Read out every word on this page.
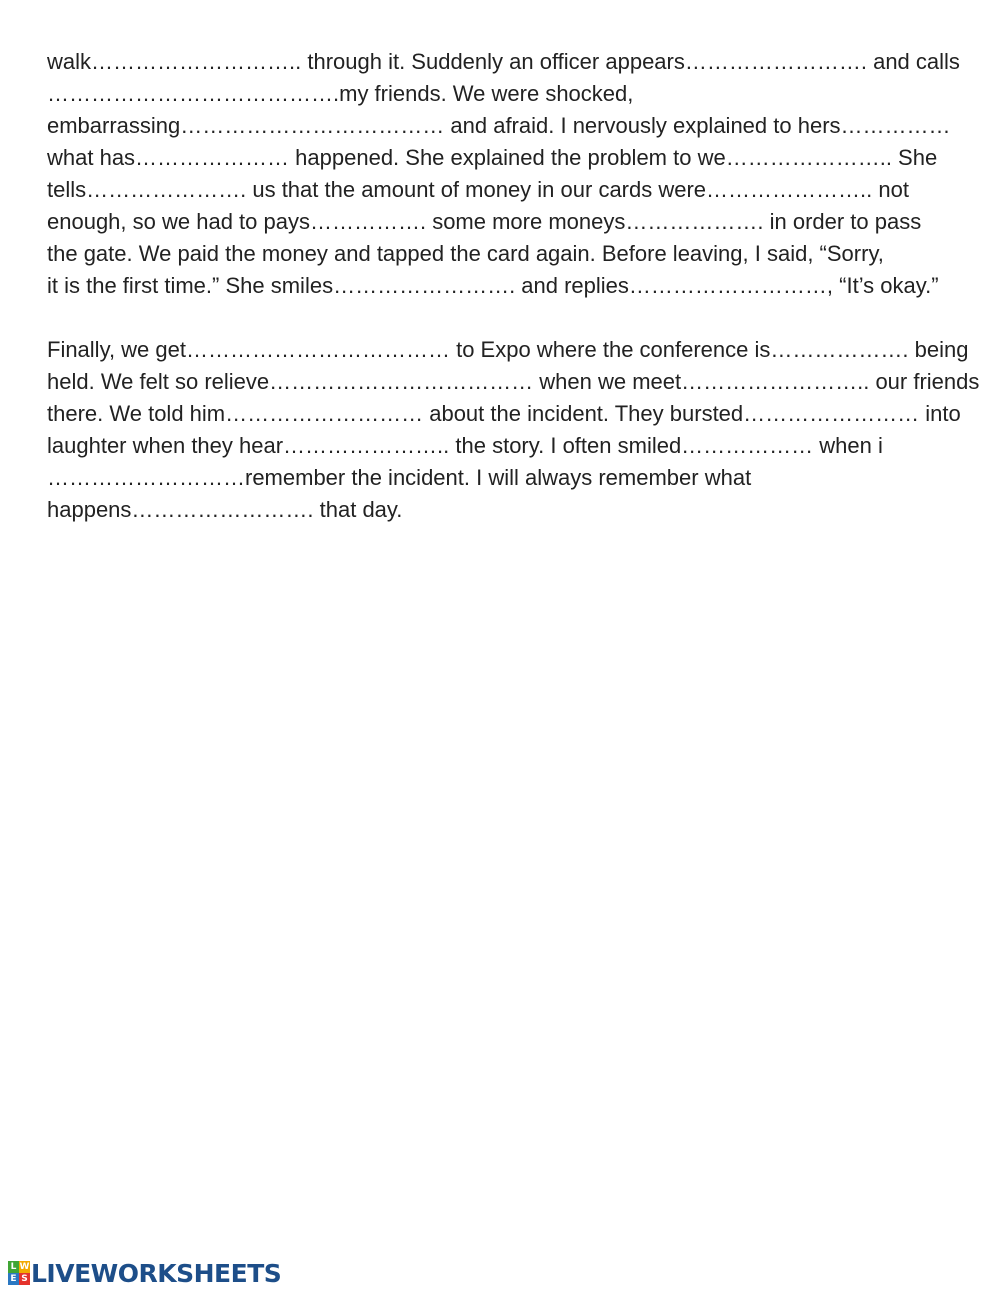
walk……………………….. through it. Suddenly an officer appears……………………. and calls
………………………………….my friends. We were shocked,
embarrassing……………………………… and afraid. I nervously explained to hers……………
what has………………… happened. She explained the problem to we………………….. She
tells…………………. us that the amount of money in our cards were………………….. not
enough, so we had to pays……………. some more moneys………………. in order to pass
the gate. We paid the money and tapped the card again. Before leaving, I said, “Sorry,
it is the first time.” She smiles……………………. and replies………………………, “It’s okay.”

Finally, we get……………………………… to Expo where the conference is………………. being
held. We felt so relieve……………………………… when we meet…………………….. our friends
there. We told him……………………… about the incident. They bursted…………………… into
laughter when they hear………………….. the story. I often smiled……………… when i
………………………remember the incident. I will always remember what
happens……………………. that day.

L W
E S LIVEWORKSHEETS
